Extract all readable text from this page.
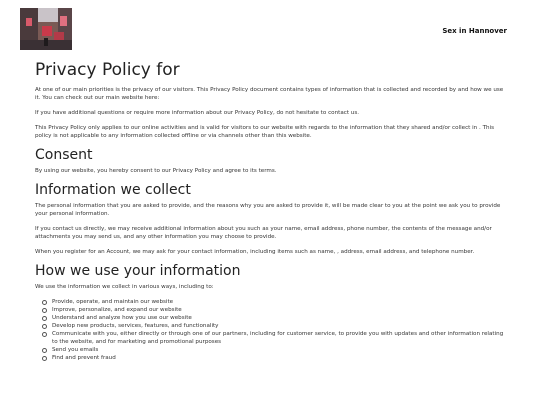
Sex in Hannover
Privacy Policy for

At one of our main priorities is the privacy of our visitors. This Privacy Policy document contains types of information that is collected and recorded by and how we use it. You can check out our main website here:

If you have additional questions or require more information about our Privacy Policy, do not hesitate to contact us.

This Privacy Policy only applies to our online activities and is valid for visitors to our website with regards to the information that they shared and/or collect in . This policy is not applicable to any information collected offline or via channels other than this website.

Consent

By using our website, you hereby consent to our Privacy Policy and agree to its terms.

Information we collect

The personal information that you are asked to provide, and the reasons why you are asked to provide it, will be made clear to you at the point we ask you to provide your personal information.

If you contact us directly, we may receive additional information about you such as your name, email address, phone number, the contents of the message and/or attachments you may send us, and any other information you may choose to provide.

When you register for an Account, we may ask for your contact information, including items such as name, , address, email address, and telephone number.

How we use your information

We use the information we collect in various ways, including to:

Provide, operate, and maintain our website
Improve, personalize, and expand our website
Understand and analyze how you use our website
Develop new products, services, features, and functionality
Communicate with you, either directly or through one of our partners, including for customer service, to provide you with updates and other information relating to the website, and for marketing and promotional purposes
Send you emails
Find and prevent fraud
